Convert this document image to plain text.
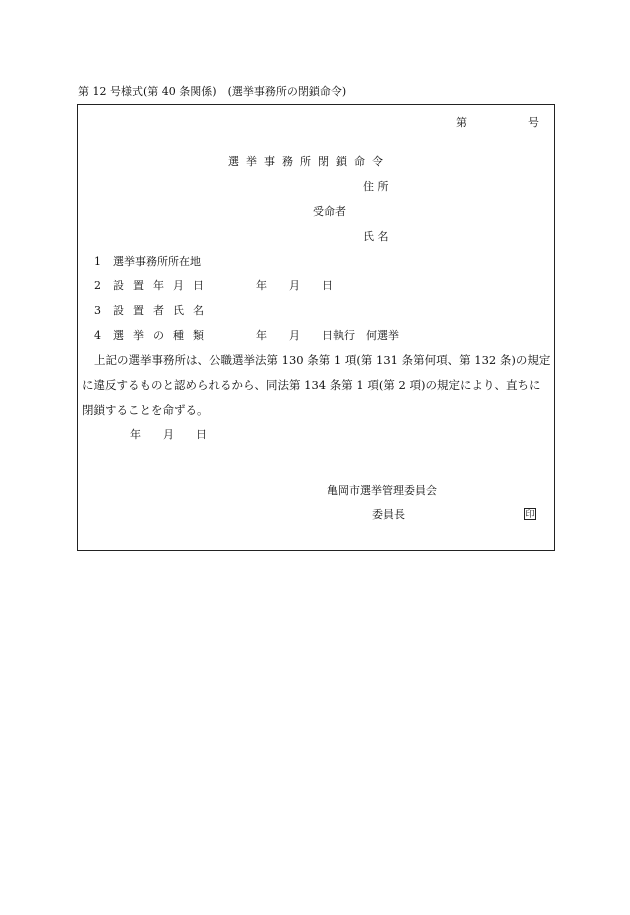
第 12 号様式(第 40 条関係)　(選挙事務所の閉鎖命令)
第	号
選挙事務所閉鎖命令
住 所
受命者
氏 名
1 選挙事務所所在地
2 設置年月日	年　　月　　日
3 設置者氏名
4 選挙の種類	年　　月　　日執行　何選挙
上記の選挙事務所は、公職選挙法第 130 条第 1 項(第 131 条第何項、第 132 条)の規定
に違反するものと認められるから、同法第 134 条第 1 項(第 2 項)の規定により、直ちに
閉鎖することを命ずる。
年　　月　　日
亀岡市選挙管理委員会
委員長	印
